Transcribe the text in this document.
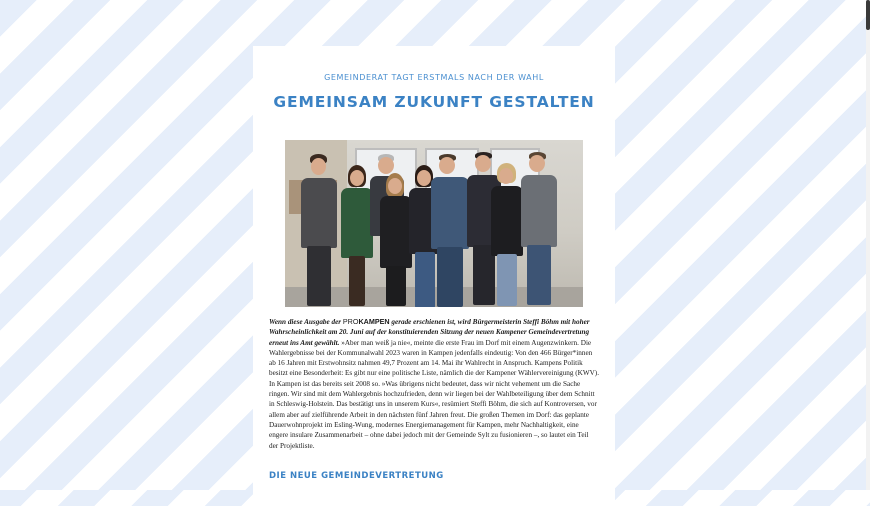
GEMEINDERAT TAGT ERSTMALS NACH DER WAHL
GEMEINSAM ZUKUNFT GESTALTEN

Wenn diese Ausgabe der PROKAMPEN gerade erschienen ist, wird Bürgermeisterin Steffi Böhm mit hoher Wahrscheinlichkeit am 20. Juni auf der konstituierenden Sitzung der neuen Kampener Gemeindevertretung erneut ins Amt gewählt. »Aber man weiß ja nie«, meinte die erste Frau im Dorf mit einem Augenzwinkern. Die Wahlergebnisse bei der Kommunalwahl 2023 waren in Kampen jedenfalls eindeutig: Von den 466 Bürger*innen ab 16 Jahren mit Erstwohnsitz nahmen 49,7 Prozent am 14. Mai ihr Wahlrecht in Anspruch. Kampens Politik besitzt eine Besonderheit: Es gibt nur eine politische Liste, nämlich die der Kampener Wählervereinigung (KWV). In Kampen ist das bereits seit 2008 so. »Was übrigens nicht bedeutet, dass wir nicht vehement um die Sache ringen. Wir sind mit dem Wahlergebnis hochzufrieden, denn wir liegen bei der Wahlbeteiligung über dem Schnitt in Schleswig-Holstein. Das bestätigt uns in unserem Kurs«, resümiert Steffi Böhm, die sich auf Kontroversen, vor allem aber auf zielführende Arbeit in den nächsten fünf Jahren freut. Die großen Themen im Dorf: das geplante Dauerwohnprojekt im Esling-Wung, modernes Energiemanagement für Kampen, mehr Nachhaltigkeit, eine engere insulare Zusammenarbeit – ohne dabei jedoch mit der Gemeinde Sylt zu fusionieren –, so lautet ein Teil der Projektliste.

DIE NEUE GEMEINDEVERTRETUNG
